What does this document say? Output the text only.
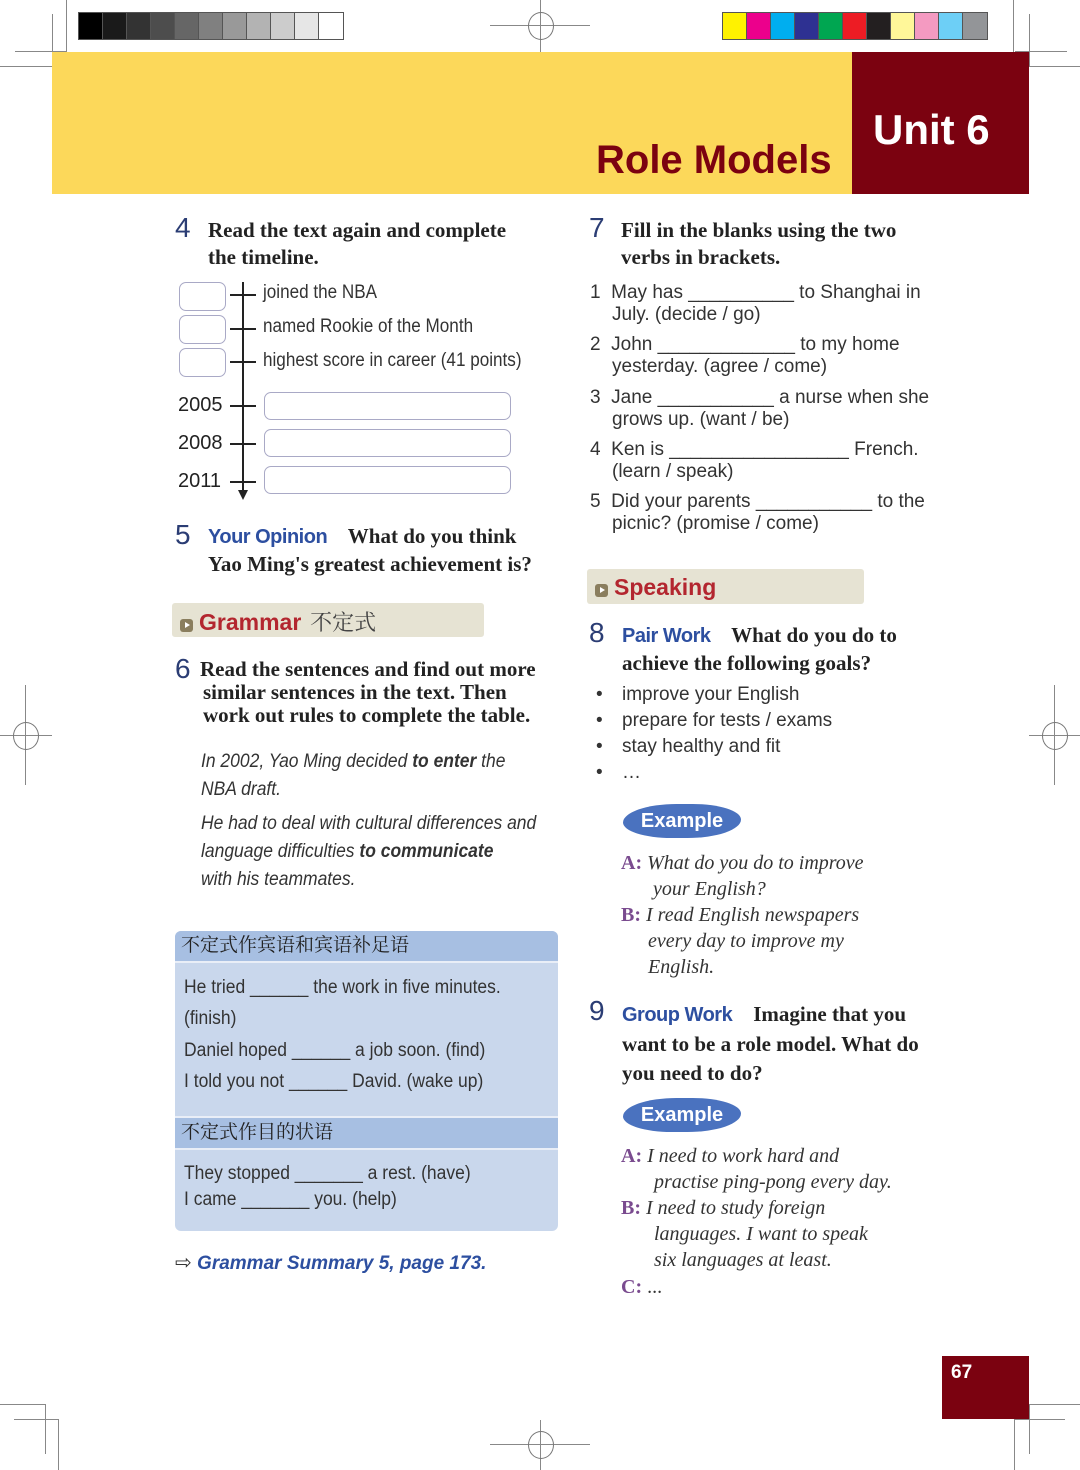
Unit 6
Role Models
4 Read the text again and complete
the timeline.
joined the NBA
named Rookie of the Month
highest score in career (41 points)
2005
2008
2011
5 Your Opinion What do you think
Yao Ming's greatest achievement is?
Grammar 不定式
6 Read the sentences and find out more
similar sentences in the text. Then
work out rules to complete the table.
In 2002, Yao Ming decided to enter the
NBA draft.
He had to deal with cultural differences and
language difficulties to communicate
with his teammates.
不定式作宾语和宾语补足语
He tried ______ the work in five minutes.
(finish)
Daniel hoped ______ a job soon. (find)
I told you not ______ David. (wake up)
不定式作目的状语
They stopped _______ a rest. (have)
I came _______ you. (help)
⇨ Grammar Summary 5, page 173.
7 Fill in the blanks using the two
verbs in brackets.
1 May has __________ to Shanghai in
July. (decide / go)
2 John _____________ to my home
yesterday. (agree / come)
3 Jane ___________ a nurse when she
grows up. (want / be)
4 Ken is _________________ French.
(learn / speak)
5 Did your parents ___________ to the
picnic? (promise / come)
Speaking
8 Pair Work What do you do to
achieve the following goals?
• improve your English
• prepare for tests / exams
• stay healthy and fit
• …
Example
A: What do you do to improve
your English?
B: I read English newspapers
every day to improve my
English.
9 Group Work Imagine that you
want to be a role model. What do
you need to do?
Example
A: I need to work hard and
practise ping-pong every day.
B: I need to study foreign
languages. I want to speak
six languages at least.
C: ...
67
